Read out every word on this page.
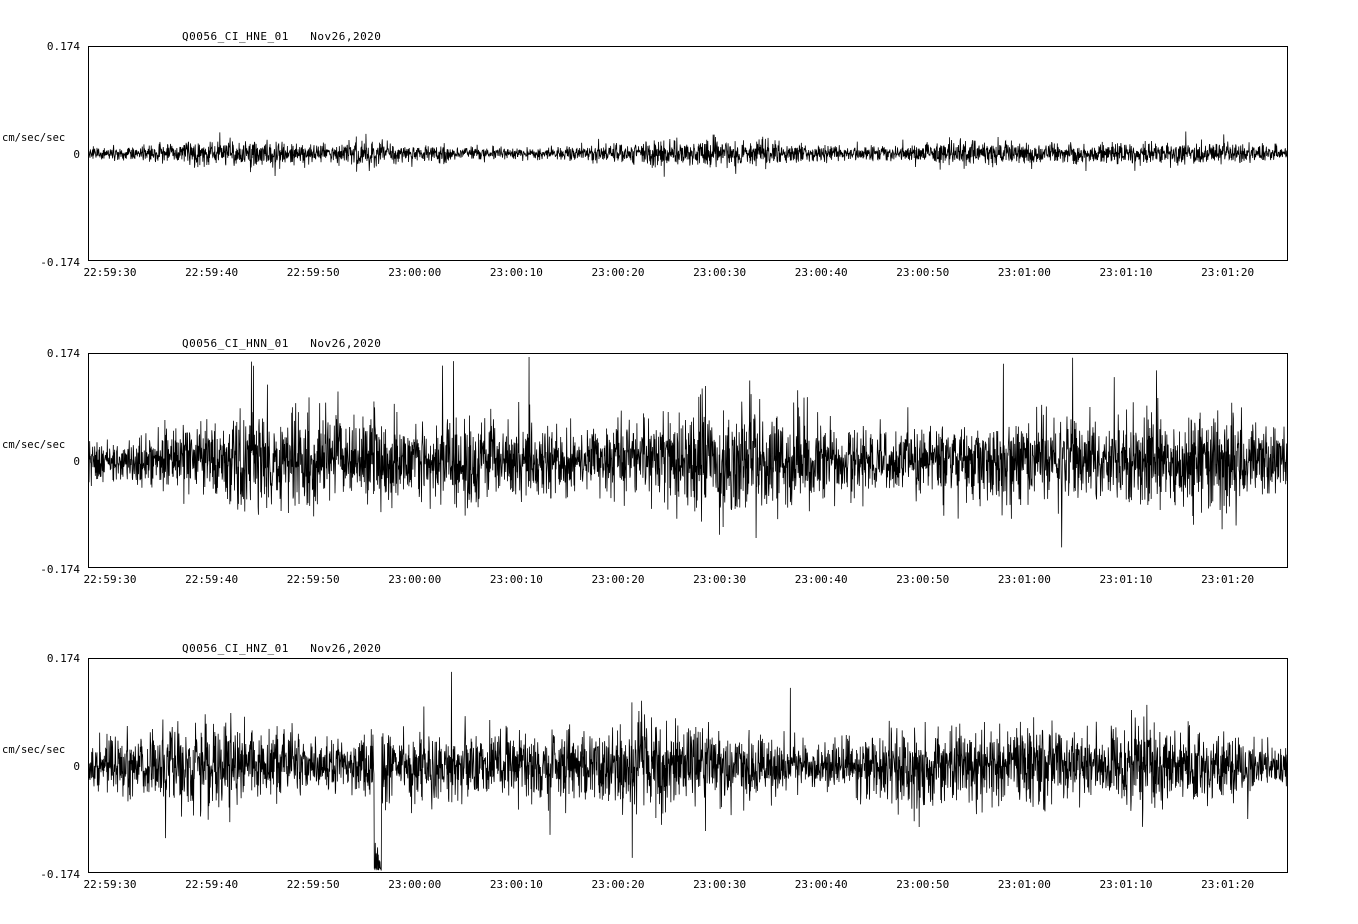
Q0056_CI_HNE_01   Nov26,2020
0.174
cm/sec/sec
0
-0.174
22:59:30	22:59:40	22:59:50	23:00:00	23:00:10	23:00:20	23:00:30	23:00:40	23:00:50	23:01:00	23:01:10	23:01:20
Q0056_CI_HNN_01   Nov26,2020
0.174
cm/sec/sec
0
-0.174
22:59:30	22:59:40	22:59:50	23:00:00	23:00:10	23:00:20	23:00:30	23:00:40	23:00:50	23:01:00	23:01:10	23:01:20
Q0056_CI_HNZ_01   Nov26,2020
0.174
cm/sec/sec
0
-0.174
22:59:30	22:59:40	22:59:50	23:00:00	23:00:10	23:00:20	23:00:30	23:00:40	23:00:50	23:01:00	23:01:10	23:01:20
